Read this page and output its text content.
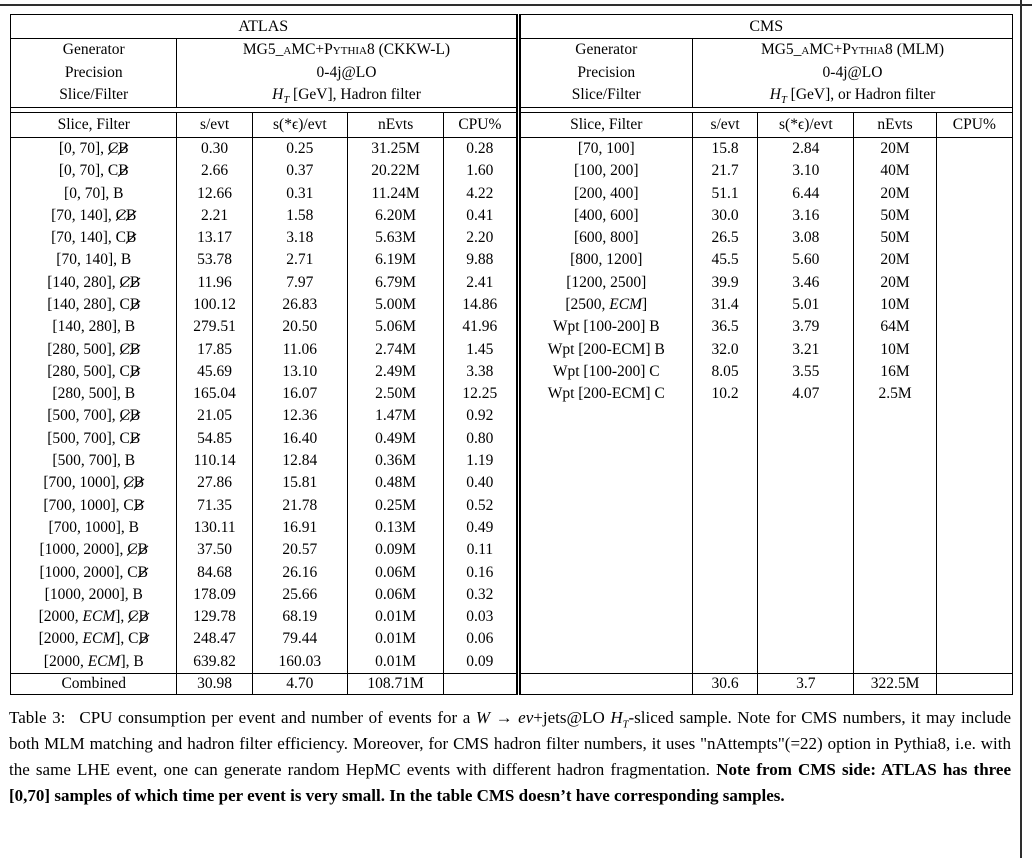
ATLAS					CMS				
Generator	MG5_aMC+Pythia8 (CKKW-L)				Generator	MG5_aMC+Pythia8 (MLM)			
Precision	0-4j@LO				Precision	0-4j@LO			
Slice/Filter	$H_T$ [GeV], Hadron filter				Slice/Filter	$H_T$ [GeV], or Hadron filter			

Slice, Filter	s/evt	s(*ϵ)/evt	nEvts	CPU%	Slice, Filter	s/evt	s(*ϵ)/evt	nEvts	CPU%
[0, 70], CB	0.30	0.25	31.25M	0.28	[70, 100]	15.8	2.84	20M	
[0, 70], CB	2.66	0.37	20.22M	1.60	[100, 200]	21.7	3.10	40M	
[0, 70], B	12.66	0.31	11.24M	4.22	[200, 400]	51.1	6.44	20M	
[70, 140], CB	2.21	1.58	6.20M	0.41	[400, 600]	30.0	3.16	50M	
[70, 140], CB	13.17	3.18	5.63M	2.20	[600, 800]	26.5	3.08	50M	
[70, 140], B	53.78	2.71	6.19M	9.88	[800, 1200]	45.5	5.60	20M	
[140, 280], CB	11.96	7.97	6.79M	2.41	[1200, 2500]	39.9	3.46	20M	
[140, 280], CB	100.12	26.83	5.00M	14.86	[2500, ECM]	31.4	5.01	10M	
[140, 280], B	279.51	20.50	5.06M	41.96	Wpt [100-200] B	36.5	3.79	64M	
[280, 500], CB	17.85	11.06	2.74M	1.45	Wpt [200-ECM] B	32.0	3.21	10M	
[280, 500], CB	45.69	13.10	2.49M	3.38	Wpt [100-200] C	8.05	3.55	16M	
[280, 500], B	165.04	16.07	2.50M	12.25	Wpt [200-ECM] C	10.2	4.07	2.5M	
[500, 700], CB	21.05	12.36	1.47M	0.92					
[500, 700], CB	54.85	16.40	0.49M	0.80					
[500, 700], B	110.14	12.84	0.36M	1.19					
[700, 1000], CB	27.86	15.81	0.48M	0.40					
[700, 1000], CB	71.35	21.78	0.25M	0.52					
[700, 1000], B	130.11	16.91	0.13M	0.49					
[1000, 2000], CB	37.50	20.57	0.09M	0.11					
[1000, 2000], CB	84.68	26.16	0.06M	0.16					
[1000, 2000], B	178.09	25.66	0.06M	0.32					
[2000, ECM], CB	129.78	68.19	0.01M	0.03					
[2000, ECM], CB	248.47	79.44	0.01M	0.06					
[2000, ECM], B	639.82	160.03	0.01M	0.09					
Combined	30.98	4.70	108.71M			30.6	3.7	322.5M	

Table 3:  CPU consumption per event and number of events for a W → eν+jets@LO $H_T$-sliced sample. Note for CMS numbers, it may include both MLM matching and hadron filter efficiency. Moreover, for CMS hadron filter numbers, it uses "nAttempts"(=22) option in Pythia8, i.e. with the same LHE event, one can generate random HepMC events with different hadron fragmentation. Note from CMS side: ATLAS has three [0,70] samples of which time per event is very small. In the table CMS doesn’t have corresponding samples.
